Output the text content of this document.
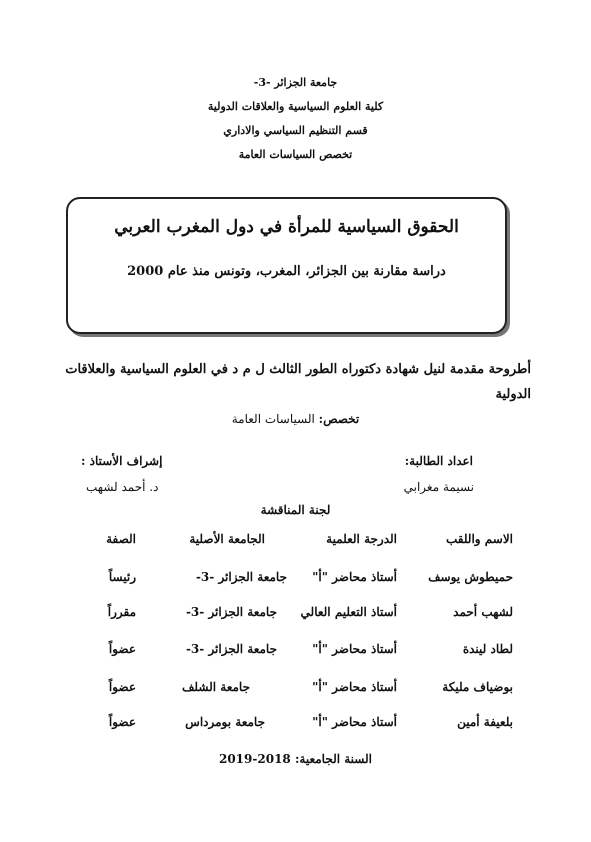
جامعة الجزائر -3-
كلية العلوم السياسية والعلاقات الدولية
قسم التنظيم السياسي والاداري
تخصص السياسات العامة
الحقوق السياسية للمرأة في دول المغرب العربي
دراسة مقارنة بين الجزائر، المغرب، وتونس منذ عام 2000
أطروحة مقدمة لنيل شهادة دكتوراه الطور الثالث ل م د في العلوم السياسية والعلاقات الدولية
تخصص: السياسات العامة
اعداد الطالبة:
نسيمة مغرابي
إشراف الأستاذ :
د. أحمد لشهب
لجنة المناقشة
الاسم واللقب
الدرجة العلمية
الجامعة الأصلية
الصفة
حميطوش يوسف
أستاذ محاضر "أ"
جامعة الجزائر -3-
رئيساً
لشهب أحمد
أستاذ التعليم العالي
جامعة الجزائر -3-
مقرراً
لطاد ليندة
أستاذ محاضر "أ"
جامعة الجزائر -3-
عضواً
بوضياف مليكة
أستاذ محاضر "أ"
جامعة الشلف
عضواً
بلعيفة أمين
أستاذ محاضر "أ"
جامعة بومرداس
عضواً
السنة الجامعية: 2018-2019
